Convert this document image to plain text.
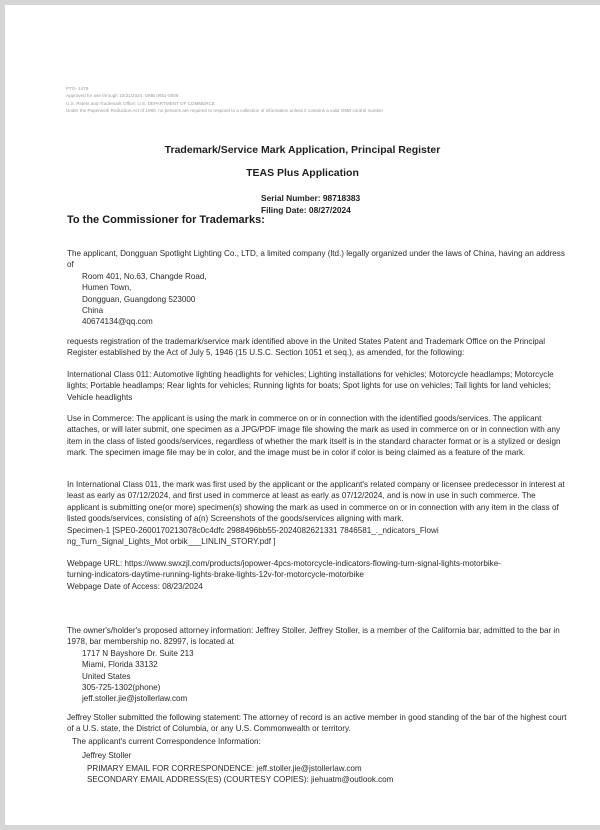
PTO- 1478
Approved for use through 10/31/2024. OMB 0651-0009
U.S. Patent and Trademark Office; U.S. DEPARTMENT OF COMMERCE
Under the Paperwork Reduction Act of 1995, no persons are required to respond to a collection of information unless it contains a valid OMB control number
Trademark/Service Mark Application, Principal Register
TEAS Plus Application
Serial Number: 98718383
Filing Date: 08/27/2024
To the Commissioner for Trademarks:

The applicant, Dongguan Spotlight Lighting Co., LTD, a limited company (ltd.) legally organized under the laws of China, having an address of

Room 401, No.63, Changde Road,
Humen Town,
Dongguan, Guangdong 523000
China
40674134@qq.com

requests registration of the trademark/service mark identified above in the United States Patent and Trademark Office on the Principal Register established by the Act of July 5, 1946 (15 U.S.C. Section 1051 et seq.), as amended, for the following:

International Class 011: Automotive lighting headlights for vehicles; Lighting installations for vehicles; Motorcycle headlamps; Motorcycle lights; Portable headlamps; Rear lights for vehicles; Running lights for boats; Spot lights for use on vehicles; Tail lights for land vehicles; Vehicle headlights

Use in Commerce: The applicant is using the mark in commerce on or in connection with the identified goods/services. The applicant attaches, or will later submit, one specimen as a JPG/PDF image file showing the mark as used in commerce on or in connection with any item in the class of listed goods/services, regardless of whether the mark itself is in the standard character format or is a stylized or design mark. The specimen image file may be in color, and the image must be in color if color is being claimed as a feature of the mark.

In International Class 011, the mark was first used by the applicant or the applicant's related company or licensee predecessor in interest at least as early as 07/12/2024, and first used in commerce at least as early as 07/12/2024, and is now in use in such commerce. The applicant is submitting one(or more) specimen(s) showing the mark as used in commerce on or in connection with any item in the class of listed goods/services, consisting of a(n) Screenshots of the goods/services aligning with mark.

Specimen-1 [SPE0-2600170213078c0c4dfc 2988496bb55-2024082621331 7846581_._ndicators_Flowi
ng_Turn_Signal_Lights_Mot orbik___LINLIN_STORY.pdf ]
Webpage URL: https://www.swxzjl.com/products/jopower-4pcs-motorcycle-indicators-flowing-turn-signal-lights-motorbike-
turning-indicators-daytime-running-lights-brake-lights-12v-for-motorcycle-motorbike
Webpage Date of Access: 08/23/2024

The owner's/holder's proposed attorney information: Jeffrey Stoller. Jeffrey Stoller, is a member of the California bar, admitted to the bar in 1978, bar membership no. 82997, is located at

1717 N Bayshore Dr. Suite 213
Miami, Florida 33132
United States
305-725-1302(phone)
jeff.stoller.jie@jstollerlaw.com

Jeffrey Stoller submitted the following statement: The attorney of record is an active member in good standing of the bar of the highest court of a U.S. state, the District of Columbia, or any U.S. Commonwealth or territory.

The applicant's current Correspondence Information:
Jeffrey Stoller
PRIMARY EMAIL FOR CORRESPONDENCE: jeff.stoller.jie@jstollerlaw.com
SECONDARY EMAIL ADDRESS(ES) (COURTESY COPIES): jiehuatm@outlook.com
